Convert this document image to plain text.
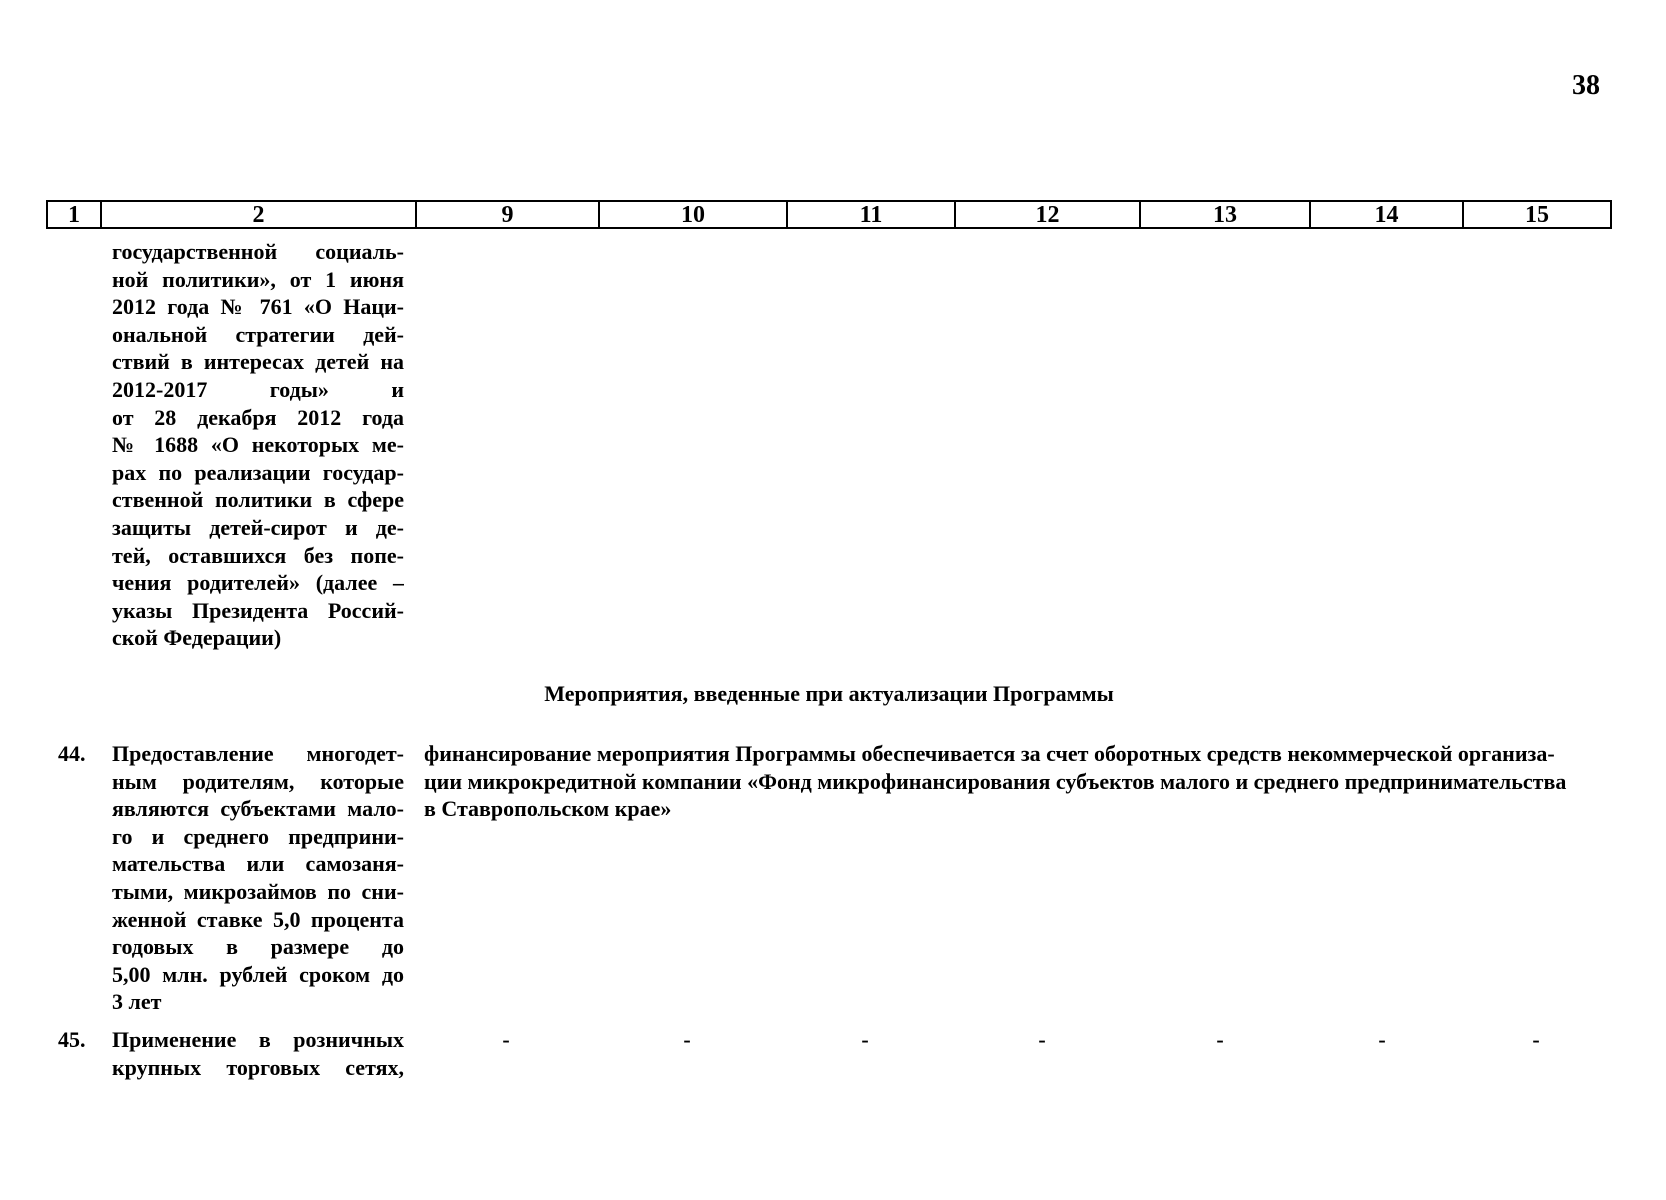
38
1	2	9	10	11	12	13	14	15
государственной социаль-
ной политики», от 1 июня
2012 года № 761 «О Наци-
ональной стратегии дей-
ствий в интересах детей на
2012-2017 годы» и
от 28 декабря 2012 года
№ 1688 «О некоторых ме-
рах по реализации государ-
ственной политики в сфере
защиты детей-сирот и де-
тей, оставшихся без попе-
чения родителей» (далее –
указы Президента Россий-
ской Федерации)
Мероприятия, введенные при актуализации Программы
44. Предоставление многодет-
ным родителям, которые
являются субъектами мало-
го и среднего предприни-
мательства или самозаня-
тыми, микрозаймов по сни-
женной ставке 5,0 процента
годовых в размере до
5,00 млн. рублей сроком до
3 лет
финансирование мероприятия Программы обеспечивается за счет оборотных средств некоммерческой организа-
ции микрокредитной компании «Фонд микрофинансирования субъектов малого и среднего предпринимательства
в Ставропольском крае»
45. Применение в розничных
крупных торговых сетях,
-	-	-	-	-	-	-
